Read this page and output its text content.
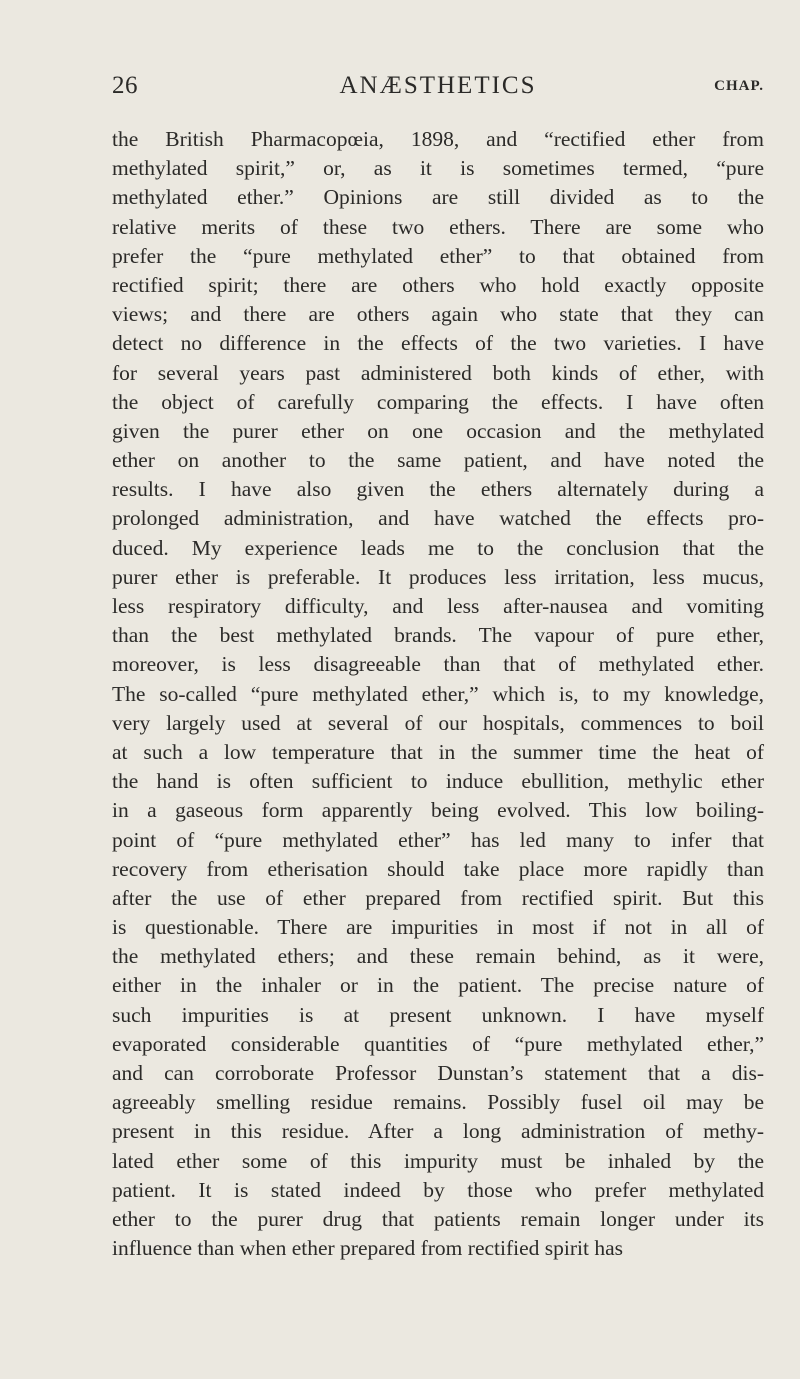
26	ANÆSTHETICS	CHAP.
the British Pharmacopœia, 1898, and “rectified ether from
methylated spirit,” or, as it is sometimes termed, “pure
methylated ether.” Opinions are still divided as to the
relative merits of these two ethers. There are some who
prefer the “pure methylated ether” to that obtained from
rectified spirit; there are others who hold exactly opposite
views; and there are others again who state that they can
detect no difference in the effects of the two varieties. I have
for several years past administered both kinds of ether, with
the object of carefully comparing the effects. I have often
given the purer ether on one occasion and the methylated
ether on another to the same patient, and have noted the
results. I have also given the ethers alternately during a
prolonged administration, and have watched the effects pro-
duced. My experience leads me to the conclusion that the
purer ether is preferable. It produces less irritation, less mucus,
less respiratory difficulty, and less after-nausea and vomiting
than the best methylated brands. The vapour of pure ether,
moreover, is less disagreeable than that of methylated ether.
The so-called “pure methylated ether,” which is, to my knowledge,
very largely used at several of our hospitals, commences to boil
at such a low temperature that in the summer time the heat of
the hand is often sufficient to induce ebullition, methylic ether
in a gaseous form apparently being evolved. This low boiling-
point of “pure methylated ether” has led many to infer that
recovery from etherisation should take place more rapidly than
after the use of ether prepared from rectified spirit. But this
is questionable. There are impurities in most if not in all of
the methylated ethers; and these remain behind, as it were,
either in the inhaler or in the patient. The precise nature of
such impurities is at present unknown. I have myself
evaporated considerable quantities of “pure methylated ether,”
and can corroborate Professor Dunstan’s statement that a dis-
agreeably smelling residue remains. Possibly fusel oil may be
present in this residue. After a long administration of methy-
lated ether some of this impurity must be inhaled by the
patient. It is stated indeed by those who prefer methylated
ether to the purer drug that patients remain longer under its
influence than when ether prepared from rectified spirit has
